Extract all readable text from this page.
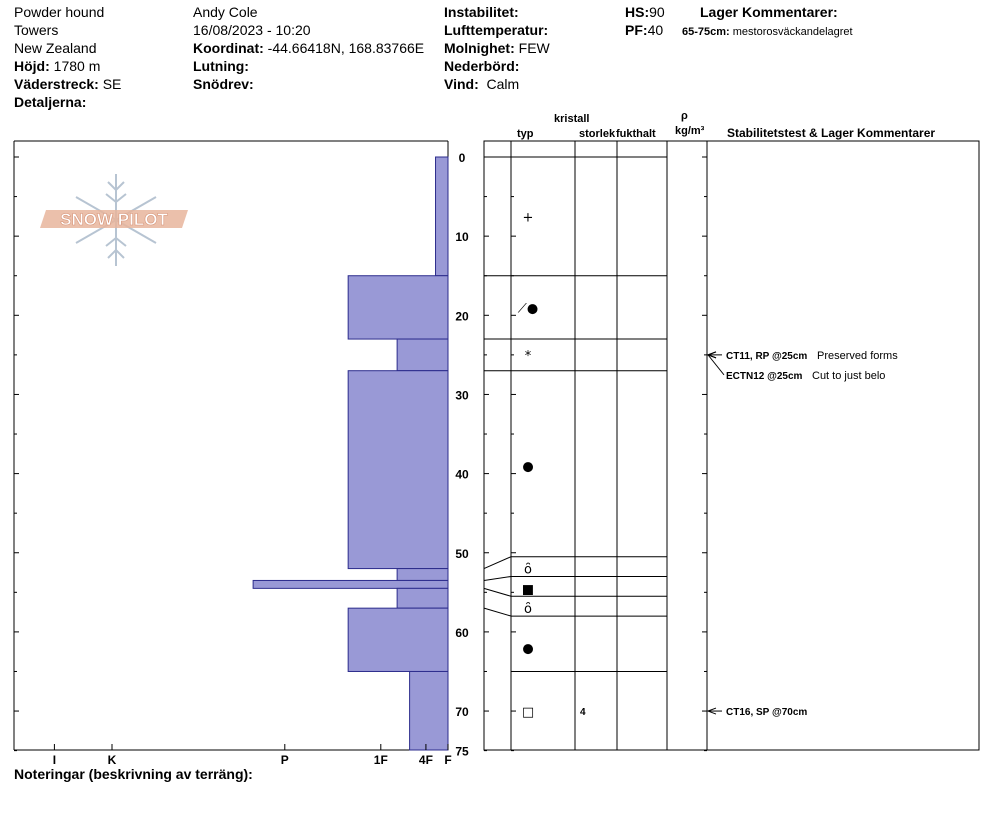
Powder hound
Towers
New Zealand
Höjd: 1780 m
Väderstreck: SE
Detaljerna:
Andy Cole
16/08/2023 - 10:20
Koordinat: -44.66418N, 168.83766E
Lutning:
Snödrev:
Instabilitet:
Lufttemperatur:
Molnighet: FEW
Nederbörd:
Vind: Calm
HS:90
PF:40
Lager Kommentarer:
65-75cm: mestorosväckandelagret
SNOW PILOT
0
10
20
30
40
50
60
70
75
I	K	P	1F	4F F
+
⟋●
*
●
ȏ
■
ȏ
●
□	4
CT11, RP @25cm Preserved forms
ECTN12 @25cm Cut to just belo
CT16, SP @70cm
typ
kristall
storlek fukthalt
ρ
kg/m³ Stabilitetstest & Lager Kommentarer
Noteringar (beskrivning av terräng):
